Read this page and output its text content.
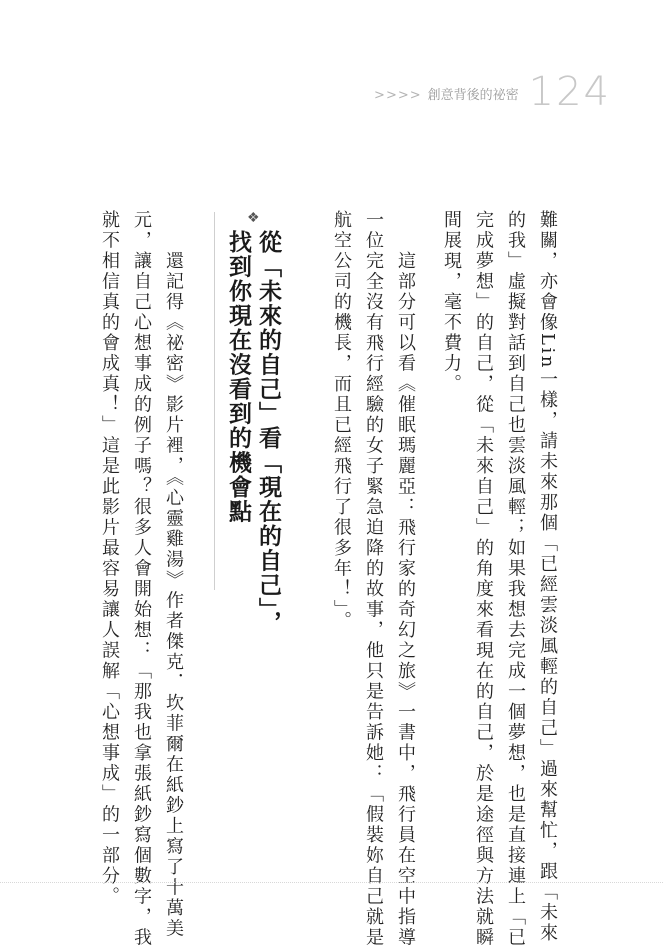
>>>> 創意背後的祕密 124
難關，亦會像Lin一樣，請未來那個「已經雲淡風輕的自己」過來幫忙，跟「未來
的我」虛擬對話到自己也雲淡風輕；如果我想去完成一個夢想，也是直接連上「已
完成夢想」的自己，從「未來自己」的角度來看現在的自己，於是途徑與方法就瞬
間展現，毫不費力。
　　這部分可以看《催眠瑪麗亞：飛行家的奇幻之旅》一書中，飛行員在空中指導
一位完全沒有飛行經驗的女子緊急迫降的故事，他只是告訴她：「假裝妳自己就是
航空公司的機長，而且已經飛行了很多年！」。
❖
從「未來的自己」看「現在的自己」，
找到你現在沒看到的機會點
　　還記得《祕密》影片裡，《心靈雞湯》作者傑克．坎菲爾在紙鈔上寫了十萬美
元，讓自己心想事成的例子嗎？很多人會開始想：「那我也拿張紙鈔寫個數字，我
就不相信真的會成真！」這是此影片最容易讓人誤解「心想事成」的一部分。
